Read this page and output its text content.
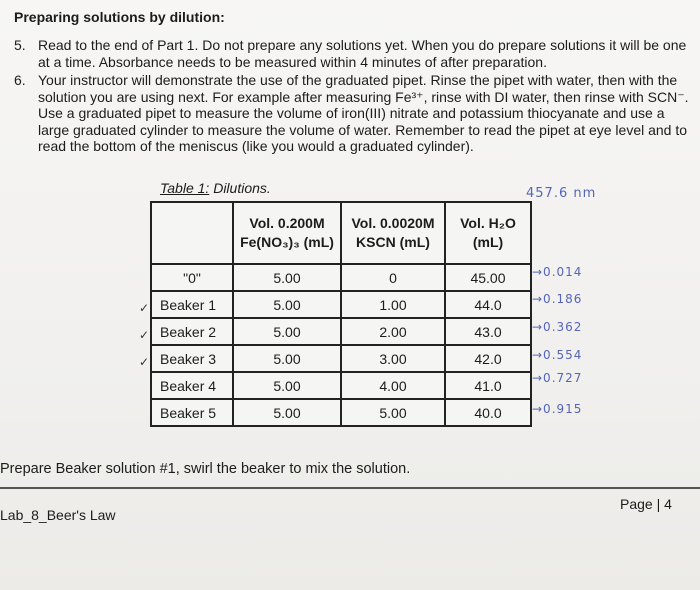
Preparing solutions by dilution:
5. Read to the end of Part 1. Do not prepare any solutions yet. When you do prepare solutions it will be one at a time. Absorbance needs to be measured within 4 minutes of after preparation.
6. Your instructor will demonstrate the use of the graduated pipet. Rinse the pipet with water, then with the solution you are using next. For example after measuring Fe³⁺, rinse with DI water, then rinse with SCN⁻. Use a graduated pipet to measure the volume of iron(III) nitrate and potassium thiocyanate and use a large graduated cylinder to measure the volume of water. Remember to read the pipet at eye level and to read the bottom of the meniscus (like you would a graduated cylinder).
Table 1: Dilutions.
	Vol. 0.200M Fe(NO₃)₃ (mL)	Vol. 0.0020M KSCN (mL)	Vol. H₂O (mL)
"0"	5.00	0	45.00
Beaker 1	5.00	1.00	44.0
Beaker 2	5.00	2.00	43.0
Beaker 3	5.00	3.00	42.0
Beaker 4	5.00	4.00	41.0
Beaker 5	5.00	5.00	40.0
457.6 nm
→0.014
→0.186
→0.362
→0.554
→0.727
→0.915
✓
✓
✓
Prepare Beaker solution #1, swirl the beaker to mix the solution.
Lab_8_Beer's Law
Page | 4
